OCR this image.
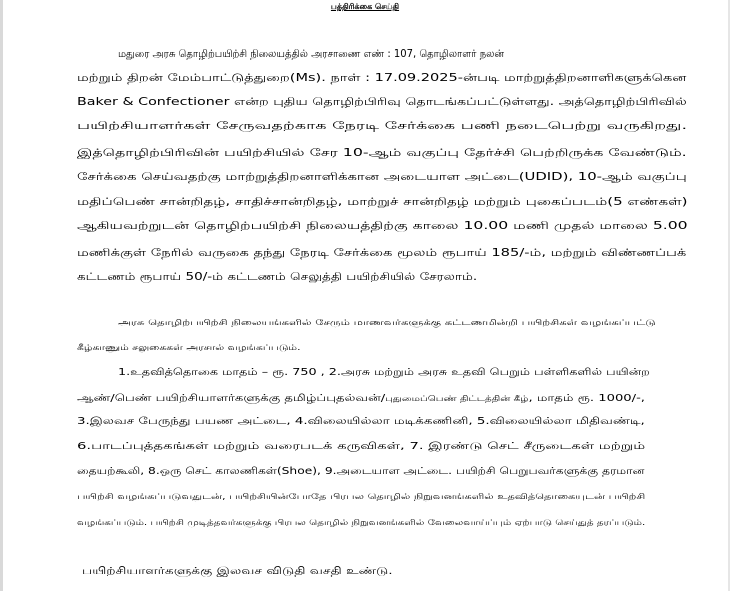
பத்திரிக்கை செய்தி
மதுரை அரசு தொழிற்பயிற்சி நிலையத்தில் அரசாணை எண் : 107, தொழிலாளர் நலன்
மற்றும் திறன் மேம்பாட்டுத்துறை(Ms). நாள் : 17.09.2025-ன்படி மாற்றுத்திறனாளிகளுக்கென
Baker & Confectioner என்ற புதிய தொழிற்பிரிவு தொடங்கப்பட்டுள்ளது. அத்தொழிற்பிரிவில்
பயிற்சியாளர்கள் சேருவதற்காக நேரடி சேர்க்கை பணி நடைபெற்று வருகிறது.
இத்தொழிற்பிரிவின் பயிற்சியில் சேர 10-ஆம் வகுப்பு தேர்ச்சி பெற்றிருக்க வேண்டும்.
சேர்க்கை செய்வதற்கு மாற்றுத்திறனாளிக்கான அடையாள அட்டை(UDID), 10-ஆம் வகுப்பு
மதிப்பெண் சான்றிதழ், சாதிச்சான்றிதழ், மாற்றுச் சான்றிதழ் மற்றும் புகைப்படம்(5 எண்கள்)
ஆகியவற்றுடன் தொழிற்பயிற்சி நிலையத்திற்கு காலை 10.00 மணி முதல் மாலை 5.00
மணிக்குள் நேரில் வருகை தந்து நேரடி சேர்க்கை மூலம் ரூபாய் 185/-ம், மற்றும் விண்ணப்பக்
கட்டணம் ரூபாய் 50/-ம் கட்டணம் செலுத்தி பயிற்சியில் சேரலாம்.
அரசு தொழிற்பயிற்சி நிலையங்களில் சேரும் மாணவர்களுக்கு கட்டணமின்றி பயிற்சிகள் வழங்கப்பட்டு
கீழ்காணும் சலுகைகள் அரசால் வழங்கப்படும்.
1.உதவித்தொகை மாதம் – ரூ. 750 , 2.அரசு மற்றும் அரசு உதவி பெறும் பள்ளிகளில் பயின்ற
ஆண்/பெண் பயிற்சியாளர்களுக்கு தமிழ்ப்புதல்வன்/புதுமைப்பெண் திட்டத்தின் கீழ், மாதம் ரூ. 1000/-,
3.இலவச பேருந்து பயண அட்டை, 4.விலையில்லா மடிக்கணினி, 5.விலையில்லா மிதிவண்டி,
6.பாடப்புத்தகங்கள் மற்றும் வரைபடக் கருவிகள், 7. இரண்டு செட் சீருடைகள் மற்றும்
தையற்கூலி, 8.ஒரு செட் காலணிகள்(Shoe), 9.அடையாள அட்டை. பயிற்சி பெறுபவர்களுக்கு தரமான
பயிற்சி வழங்கப்படுவதுடன், பயிற்சியின்போதே பிரபல தொழில் நிறுவனங்களில் உதவித்தொகையுடன் பயிற்சி
வழங்கப்படும். பயிற்சி முடித்தவர்களுக்கு பிரபல தொழில் நிறுவனங்களில் வேலைவாய்ப்பும் ஏற்பாடு செய்துத் தரப்படும்.
பயிற்சியாளர்களுக்கு இலவச விடுதி வசதி உண்டு.
